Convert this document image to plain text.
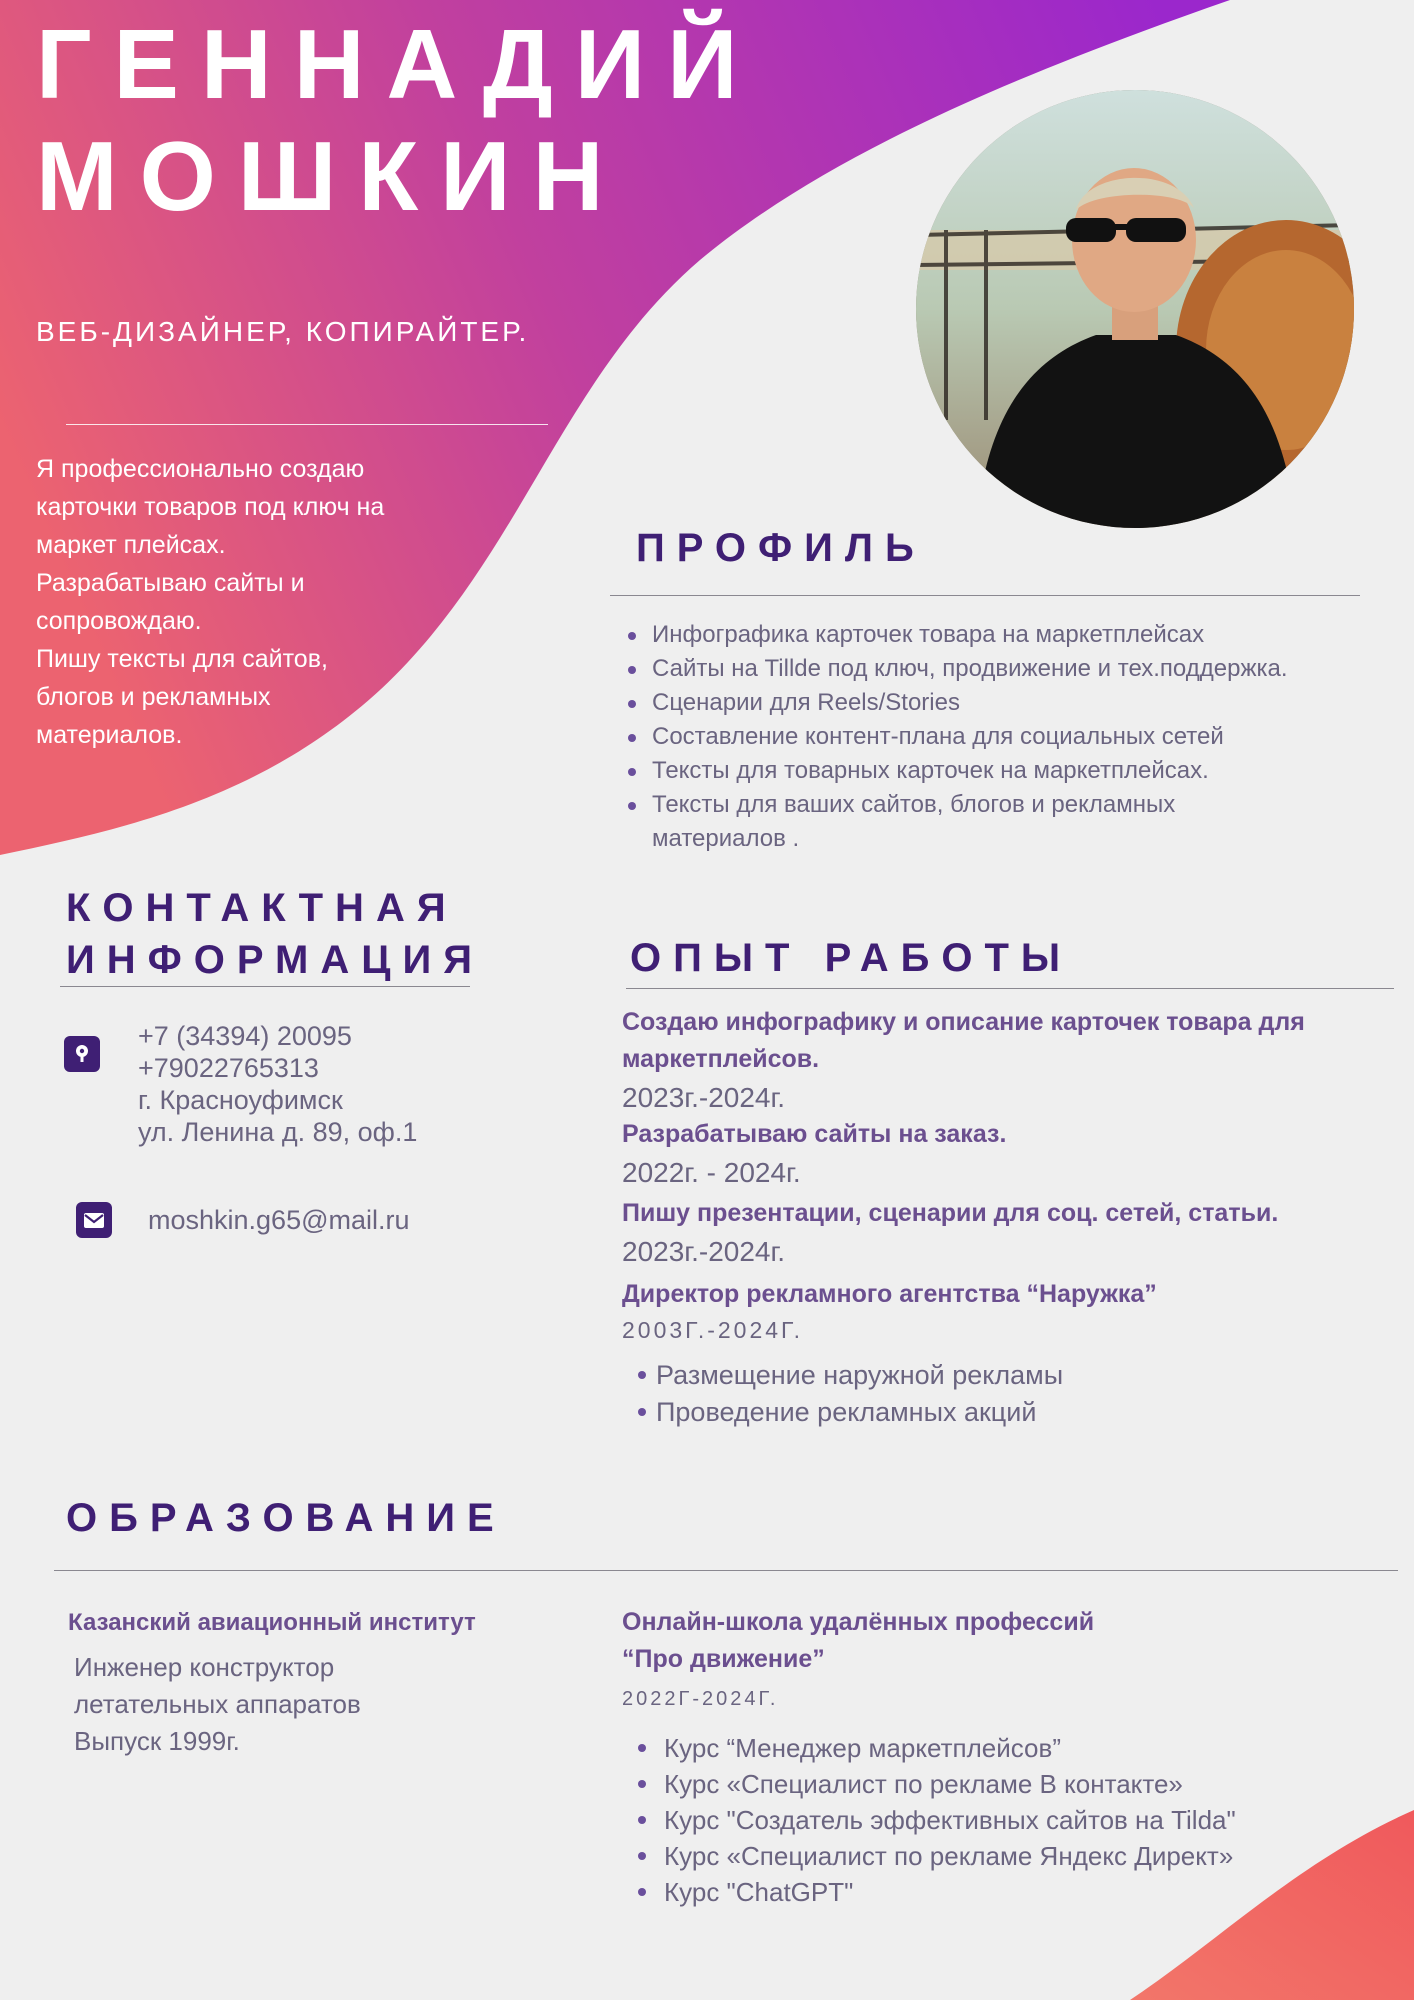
ГЕННАДИЙ
МОШКИН
ВЕБ-ДИЗАЙНЕР, КОПИРАЙТЕР.

Я профессионально создаю

карточки товаров под ключ на

маркет плейсах.

Разрабатываю сайты и

сопровождаю.

Пишу тексты для сайтов,

блогов и рекламных

материалов.

ПРОФИЛЬ
Инфографика карточек товара на маркетплейсах
Сайты на Tillde под ключ, продвижение и тех.поддержка.
Сценарии для Reels/Stories
Составление контент-плана для социальных сетей
Тексты для товарных карточек на маркетплейсах.
Тексты для ваших сайтов, блогов и рекламных материалов .
КОНТАКТНАЯ
ИНФОРМАЦИЯ
+7 (34394) 20095
+79022765313
г. Красноуфимск
ул. Ленина д. 89, оф.1
moshkin.g65@mail.ru
ОПЫТ РАБОТЫ

Создаю инфографику и описание карточек товара для маркетплейсов.

2023г.-2024г.

Разрабатываю сайты на заказ.

2022г. - 2024г.

Пишу презентации, сценарии для соц. сетей, статьи.

2023г.-2024г.

Директор рекламного агентства “Наружка”

2003Г.-2024Г.

Размещение наружной рекламы
Проведение рекламных акций
ОБРАЗОВАНИЕ

Казанский авиационный институт

Инженер конструктор
летательных аппаратов
Выпуск 1999г.

Онлайн-школа удалённых профессий
“Про движение”

2022Г-2024Г.

Курс “Менеджер маркетплейсов”
Курс «Специалист по рекламе В контакте»
Курс "Создатель эффективных сайтов на Tilda"
Курс «Специалист по рекламе Яндекс Директ»
Курс "ChatGPT"
